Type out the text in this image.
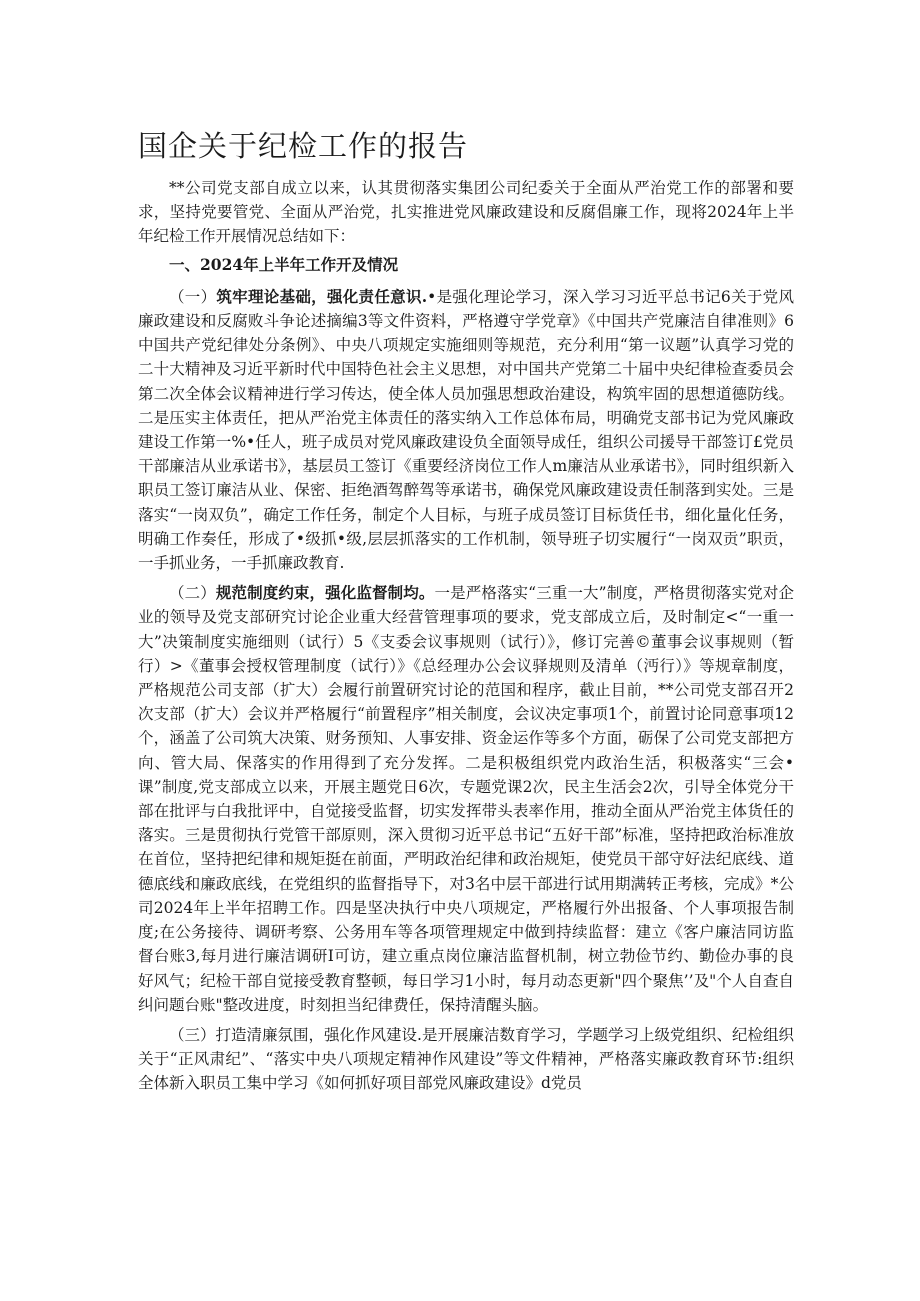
国企关于纪检工作的报告

**公司党支部自成立以来，认其贯彻落实集团公司纪委关于全面从严治党工作的部署和要求，坚持党要管党、全面从严治党，扎实推进党风廉政建设和反腐倡廉工作，现将2024年上半年纪检工作开展情况总结如下：

一、2024年上半年工作开及情况

（一）筑牢理论基础，强化责任意识.•是强化理论学习，深入学习习近平总书记6关于党风廉政建设和反腐败斗争论述摘编3等文件资料，严格遵守学党章》《中国共产党廉洁自律准则》6中国共产党纪律处分条例》、中央八项规定实施细则等规范，充分利用“第一议题”认真学习党的二十大精神及习近平新时代中国特色社会主义思想，对中国共产党第二十届中央纪律检查委员会第二次全体会议精神进行学习传达，使全体人员加强思想政治建设，构筑牢固的思想道德防线。二是压实主体责任，把从严治党主体责任的落实纳入工作总体布局，明确党支部书记为党风廉政建设工作第一%•任人，班子成员对党风廉政建设负全面领导成任，组织公司援导干部签订£党员干部廉洁从业承诺书》，基层员工签订《重要经济岗位工作人m廉洁从业承诺书》，同时组织新入职员工签订廉洁从业、保密、拒绝酒驾醉驾等承诺书，确保党风廉政建设责任制落到实处。三是落实“一岗双负”，确定工作任务，制定个人目标，与班子成员签订目标货任书，细化量化任务，明确工作奏任，形成了•级抓•级,层层抓落实的工作机制，领导班子切实履行“一岗双贡”职贡，一手抓业务，一手抓廉政教育.

（二）规范制度约束，强化监督制均。一是严格落实“三重一大”制度，严格贯彻落实党对企业的领导及党支部研究讨论企业重大经营管理事项的要求，党支部成立后，及时制定<“一重一大”决策制度实施细则（试行）5《支委会议事规则（试行）》，修订完善©董事会议事规则（暂行）>《董事会授权管理制度（试行）》《总经理办公会议驿规则及清单（沔行）》等规章制度，严格规范公司支部（扩大）会履行前置研究讨论的范国和程序，截止目前，**公司党支部召开2次支部（扩大）会议并严格履行“前置程序”相关制度，会议决定事项1个，前置讨论同意事项12个，涵盖了公司筑大决策、财务预知、人事安排、资金运作等多个方面，砺保了公司党支部把方向、管大局、保落实的作用得到了充分发挥。二是积极组织党内政治生活，积极落实“三会•课”制度,党支部成立以来，开展主题党日6次，专题党课2次，民主生活会2次，引导全体党分干部在批评与白我批评中，自觉接受监督，切实发挥带头表率作用，推动全面从严治党主体货任的落实。三是贯彻执行党管干部原则，深入贯彻习近平总书记“五好干部”标准，坚持把政治标准放在首位，坚持把纪律和规矩挺在前面，严明政治纪律和政治规矩，使党员干部守好法纪底线、道德底线和廉政底线，在党组织的监督指导下，对3名中层干部进行试用期满转正考核，完成》*公司2024年上半年招聘工作。四是坚决执行中央八项规定，严格履行外出报备、个人事项报告制度;在公务接待、调研考察、公务用车等各项管理规定中做到持续监督：建立《客户廉洁同访监督台账3,每月进行廉洁调研I可访，建立重点岗位廉洁监督机制，树立勃俭节约、勤俭办事的良好风气；纪检干部自觉接受教育整顿，每日学习1小时，每月动态更新"四个聚焦’’及"个人自查自纠问题台账"整改进度，时刻担当纪律费任，保持清醒头脑。

（三）打造清廉氛围，强化作风建设.是开展廉洁数育学习，学题学习上级党组织、纪检组织关于“正风肃纪”、“落实中央八项规定精神作风建设”等文件精神，严格落实廉政教育环节:组织全体新入职员工集中学习《如何抓好项目部党风廉政建设》d党员
